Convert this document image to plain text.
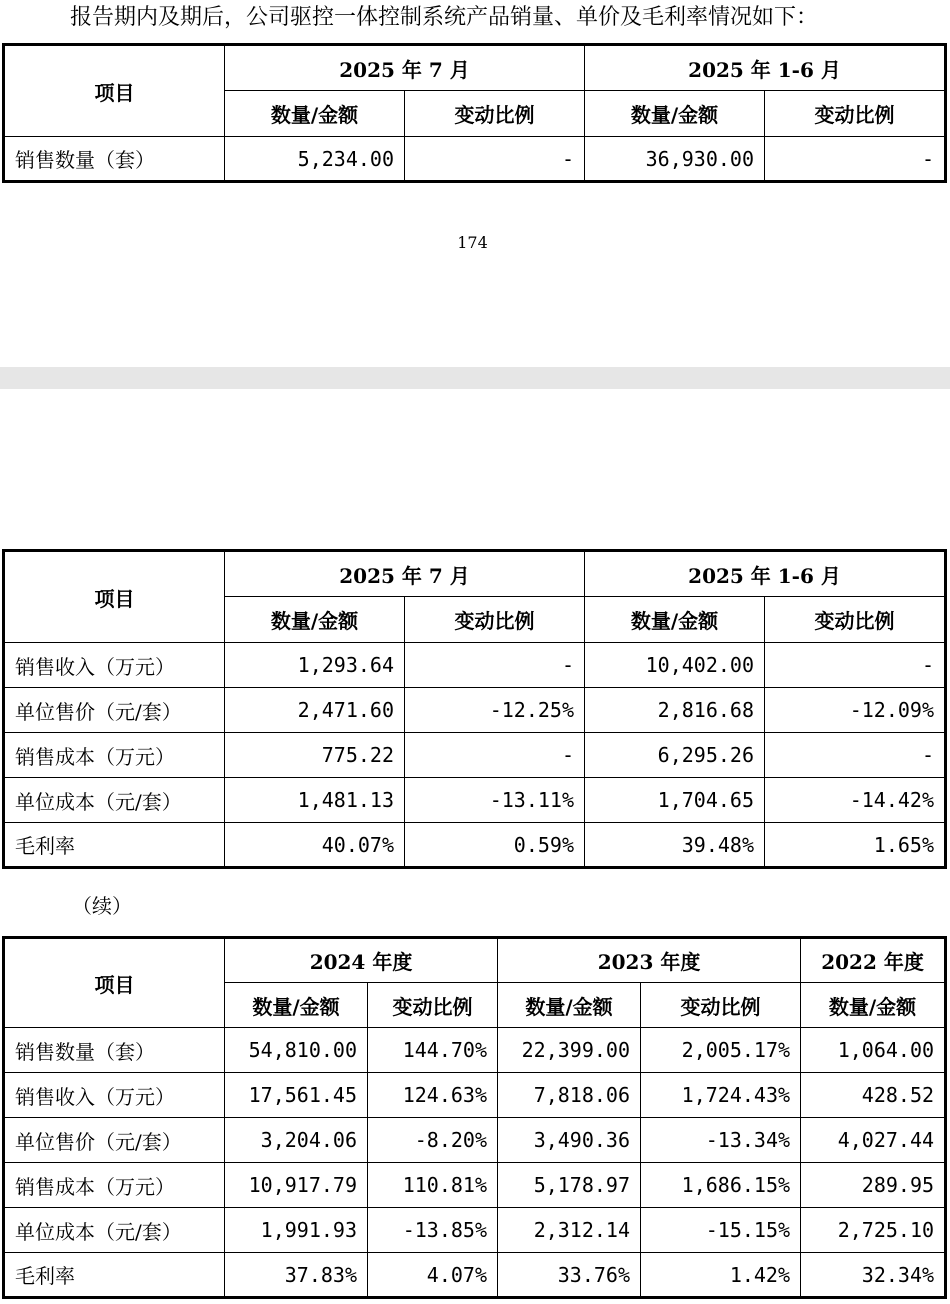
报告期内及期后，公司驱控一体控制系统产品销量、单价及毛利率情况如下：
项目	2025 年 7 月		2025 年 1-6 月	
	数量/金额	变动比例	数量/金额	变动比例
销售数量（套）	5,234.00	-	36,930.00	-
174
项目	2025 年 7 月		2025 年 1-6 月	
	数量/金额	变动比例	数量/金额	变动比例
销售收入（万元）	1,293.64	-	10,402.00	-
单位售价（元/套）	2,471.60	-12.25%	2,816.68	-12.09%
销售成本（万元）	775.22	-	6,295.26	-
单位成本（元/套）	1,481.13	-13.11%	1,704.65	-14.42%
毛利率	40.07%	0.59%	39.48%	1.65%
（续）
项目	2024 年度		2023 年度		2022 年度
	数量/金额	变动比例	数量/金额	变动比例	数量/金额
销售数量（套）	54,810.00	144.70%	22,399.00	2,005.17%	1,064.00
销售收入（万元）	17,561.45	124.63%	7,818.06	1,724.43%	428.52
单位售价（元/套）	3,204.06	-8.20%	3,490.36	-13.34%	4,027.44
销售成本（万元）	10,917.79	110.81%	5,178.97	1,686.15%	289.95
单位成本（元/套）	1,991.93	-13.85%	2,312.14	-15.15%	2,725.10
毛利率	37.83%	4.07%	33.76%	1.42%	32.34%
